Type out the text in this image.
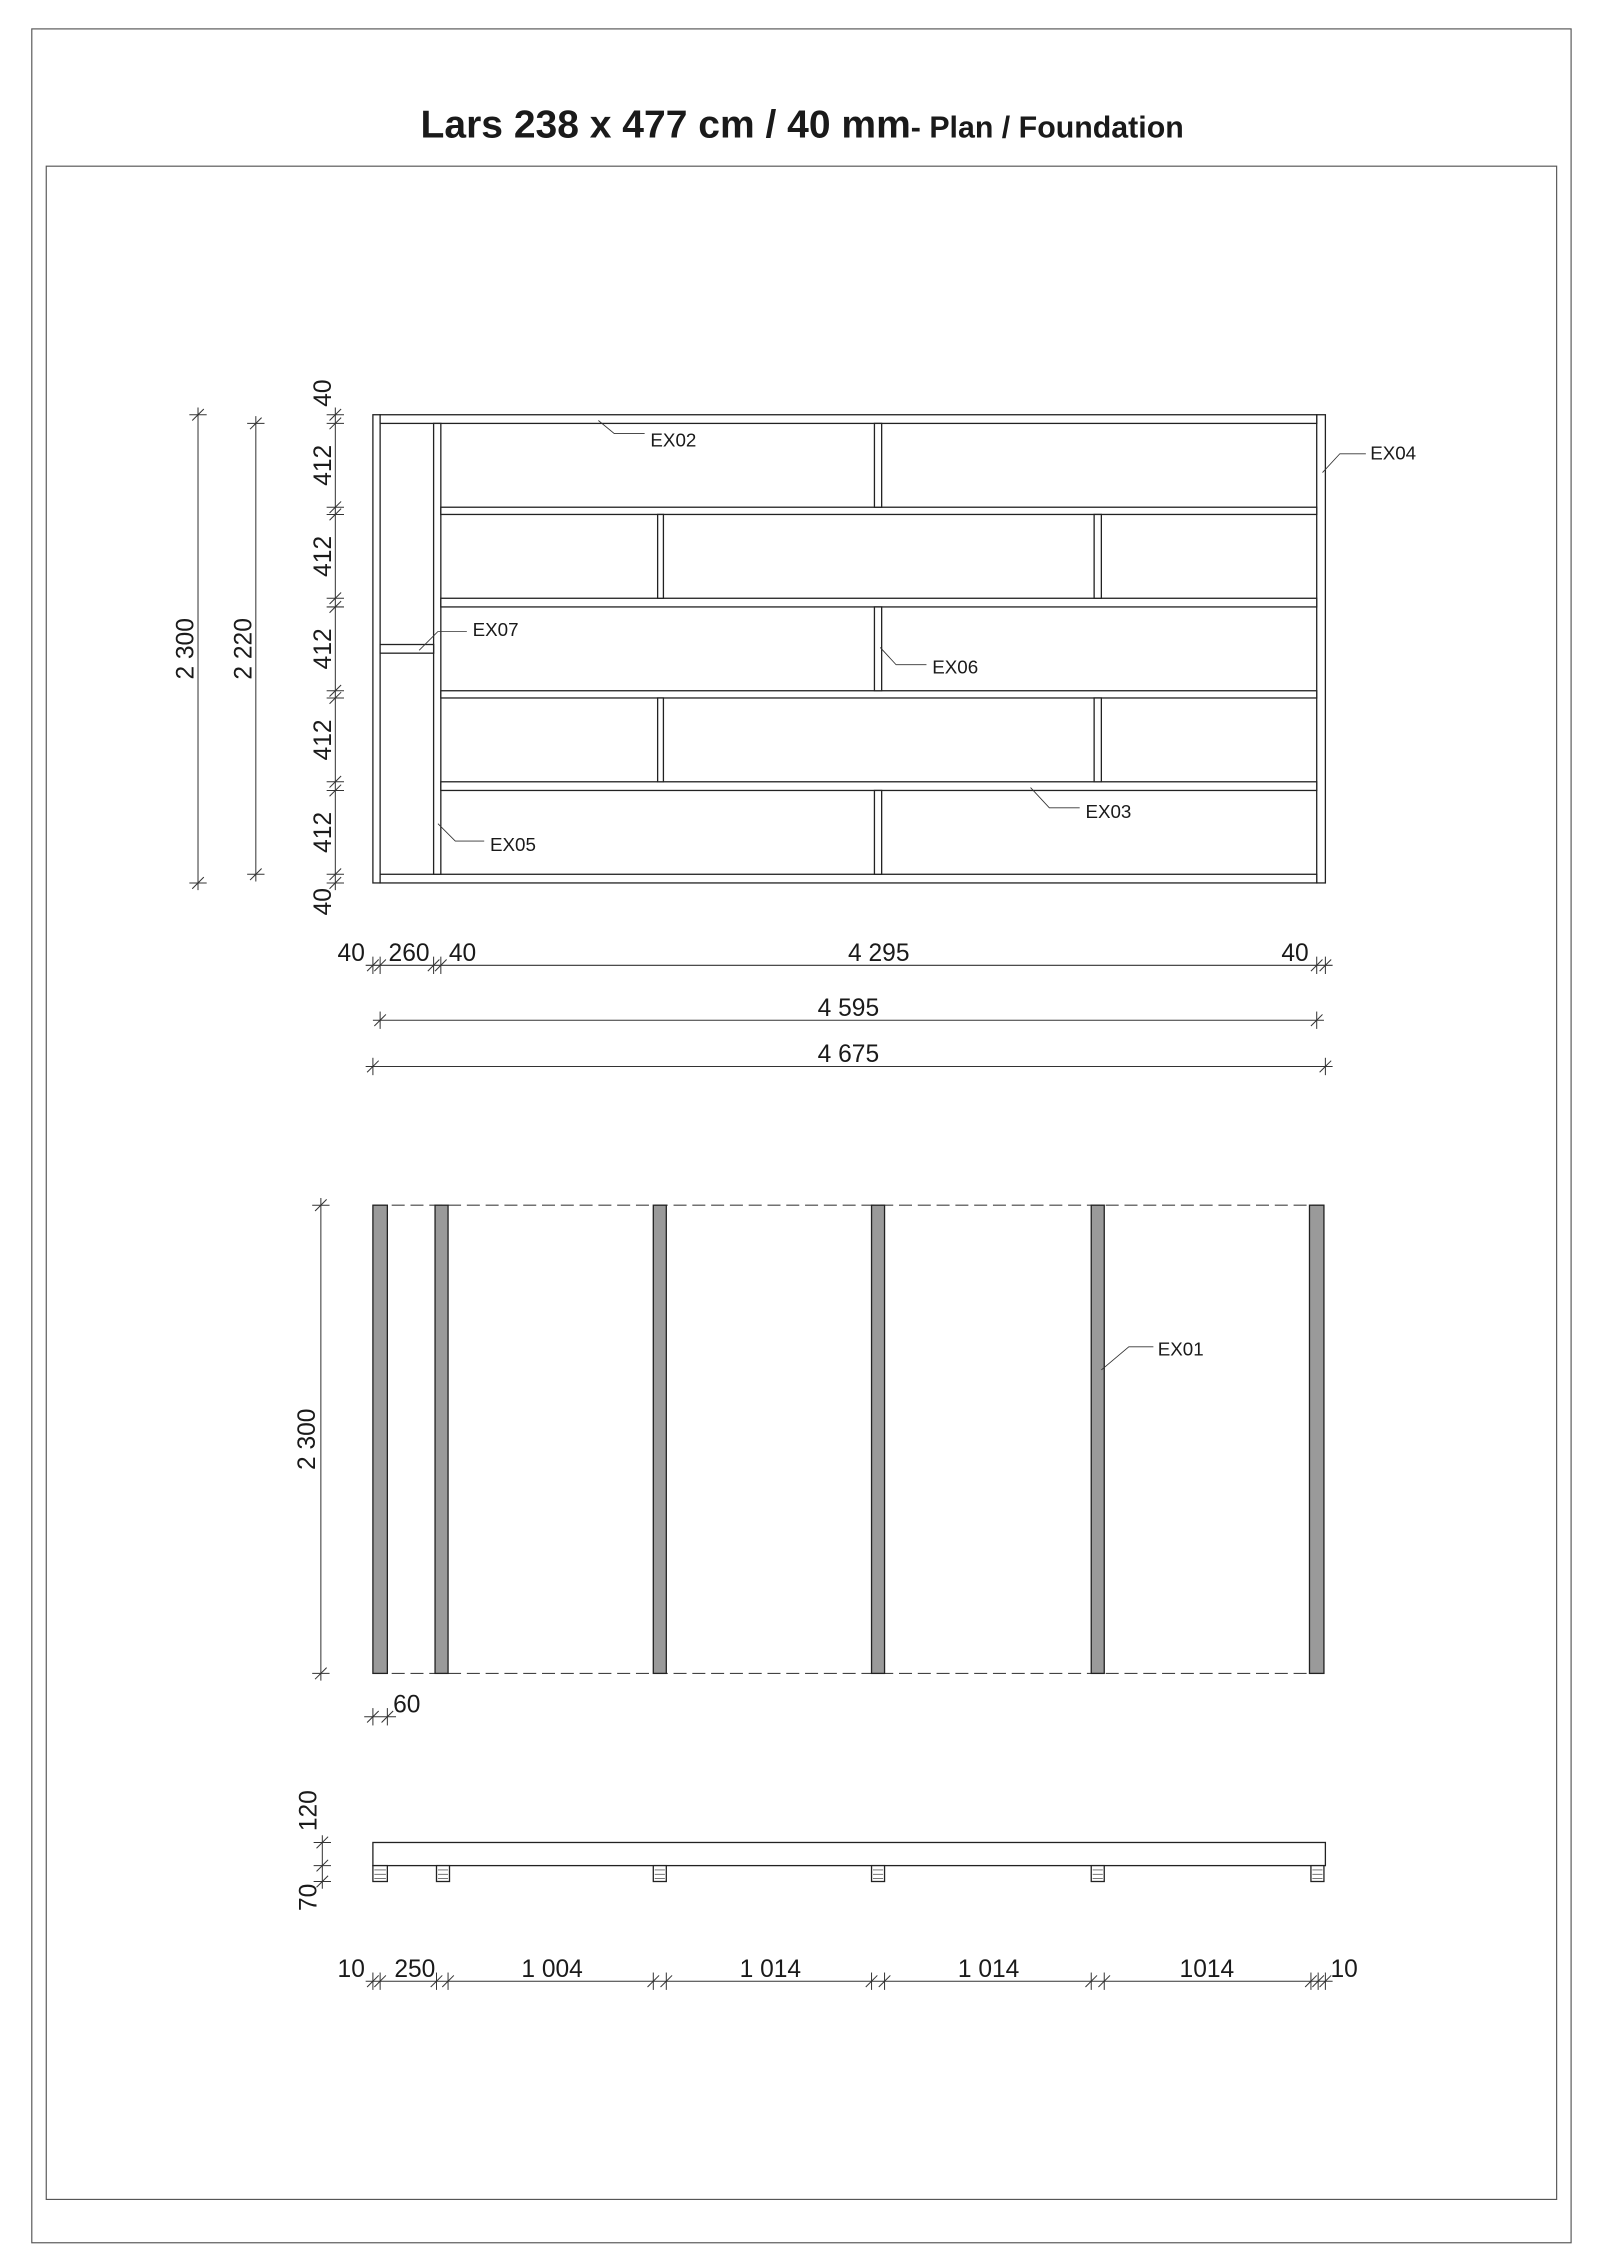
Lars 238 x 477 cm / 40 mm- Plan / Foundation
EX02
EX04
EX07
EX06
EX03
EX05
2 300 2 220
40
412
412
412
412
412
40
40 260 40	4 295	40
4 595
4 675
EX01
2 300
60
120
70
10 250	1 004	1 014	1 014	1014	10
